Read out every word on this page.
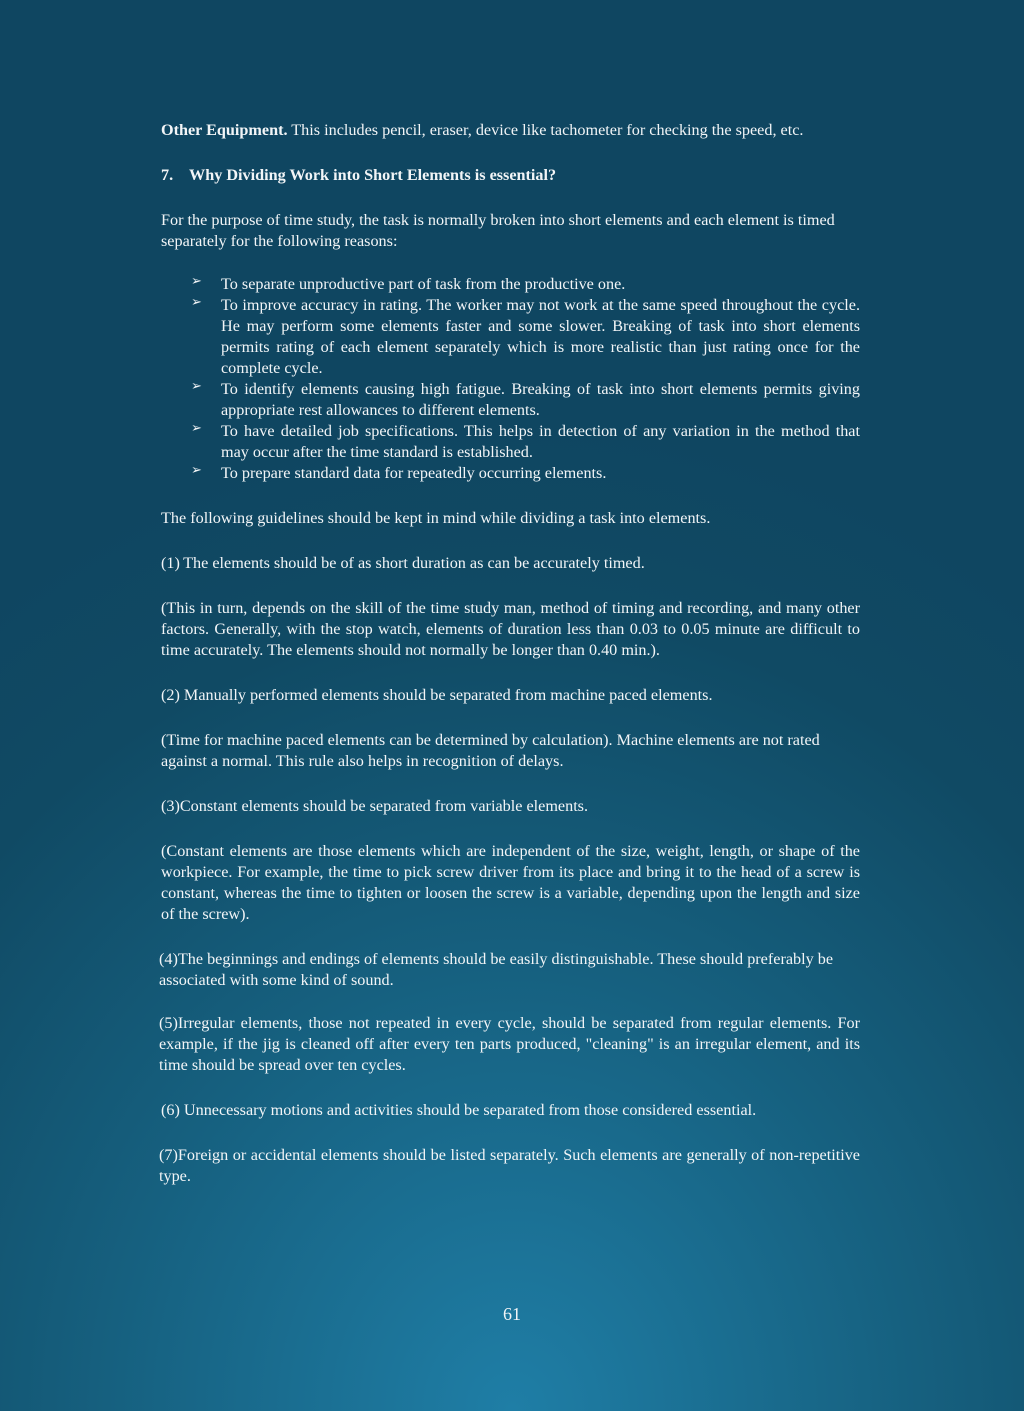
Other Equipment. This includes pencil, eraser, device like tachometer for checking the speed, etc.

7. Why Dividing Work into Short Elements is essential?

For the purpose of time study, the task is normally broken into short elements and each element is timed separately for the following reasons:

➢ To separate unproductive part of task from the productive one.
➢ To improve accuracy in rating. The worker may not work at the same speed throughout the cycle. He may perform some elements faster and some slower. Breaking of task into short elements permits rating of each element separately which is more realistic than just rating once for the complete cycle.
➢ To identify elements causing high fatigue. Breaking of task into short elements permits giving appropriate rest allowances to different elements.
➢ To have detailed job specifications. This helps in detection of any variation in the method that may occur after the time standard is established.
➢ To prepare standard data for repeatedly occurring elements.

The following guidelines should be kept in mind while dividing a task into elements.

(1) The elements should be of as short duration as can be accurately timed.

(This in turn, depends on the skill of the time study man, method of timing and recording, and many other factors. Generally, with the stop watch, elements of duration less than 0.03 to 0.05 minute are difficult to time accurately. The elements should not normally be longer than 0.40 min.).

(2) Manually performed elements should be separated from machine paced elements.

(Time for machine paced elements can be determined by calculation). Machine elements are not rated against a normal. This rule also helps in recognition of delays.

(3)Constant elements should be separated from variable elements.

(Constant elements are those elements which are independent of the size, weight, length, or shape of the workpiece. For example, the time to pick screw driver from its place and bring it to the head of a screw is constant, whereas the time to tighten or loosen the screw is a variable, depending upon the length and size of the screw).

(4)The beginnings and endings of elements should be easily distinguishable. These should preferably be associated with some kind of sound.

(5)Irregular elements, those not repeated in every cycle, should be separated from regular elements. For example, if the jig is cleaned off after every ten parts produced, "cleaning" is an irregular element, and its time should be spread over ten cycles.

(6) Unnecessary motions and activities should be separated from those considered essential.

(7)Foreign or accidental elements should be listed separately. Such elements are generally of non-repetitive type.

61
